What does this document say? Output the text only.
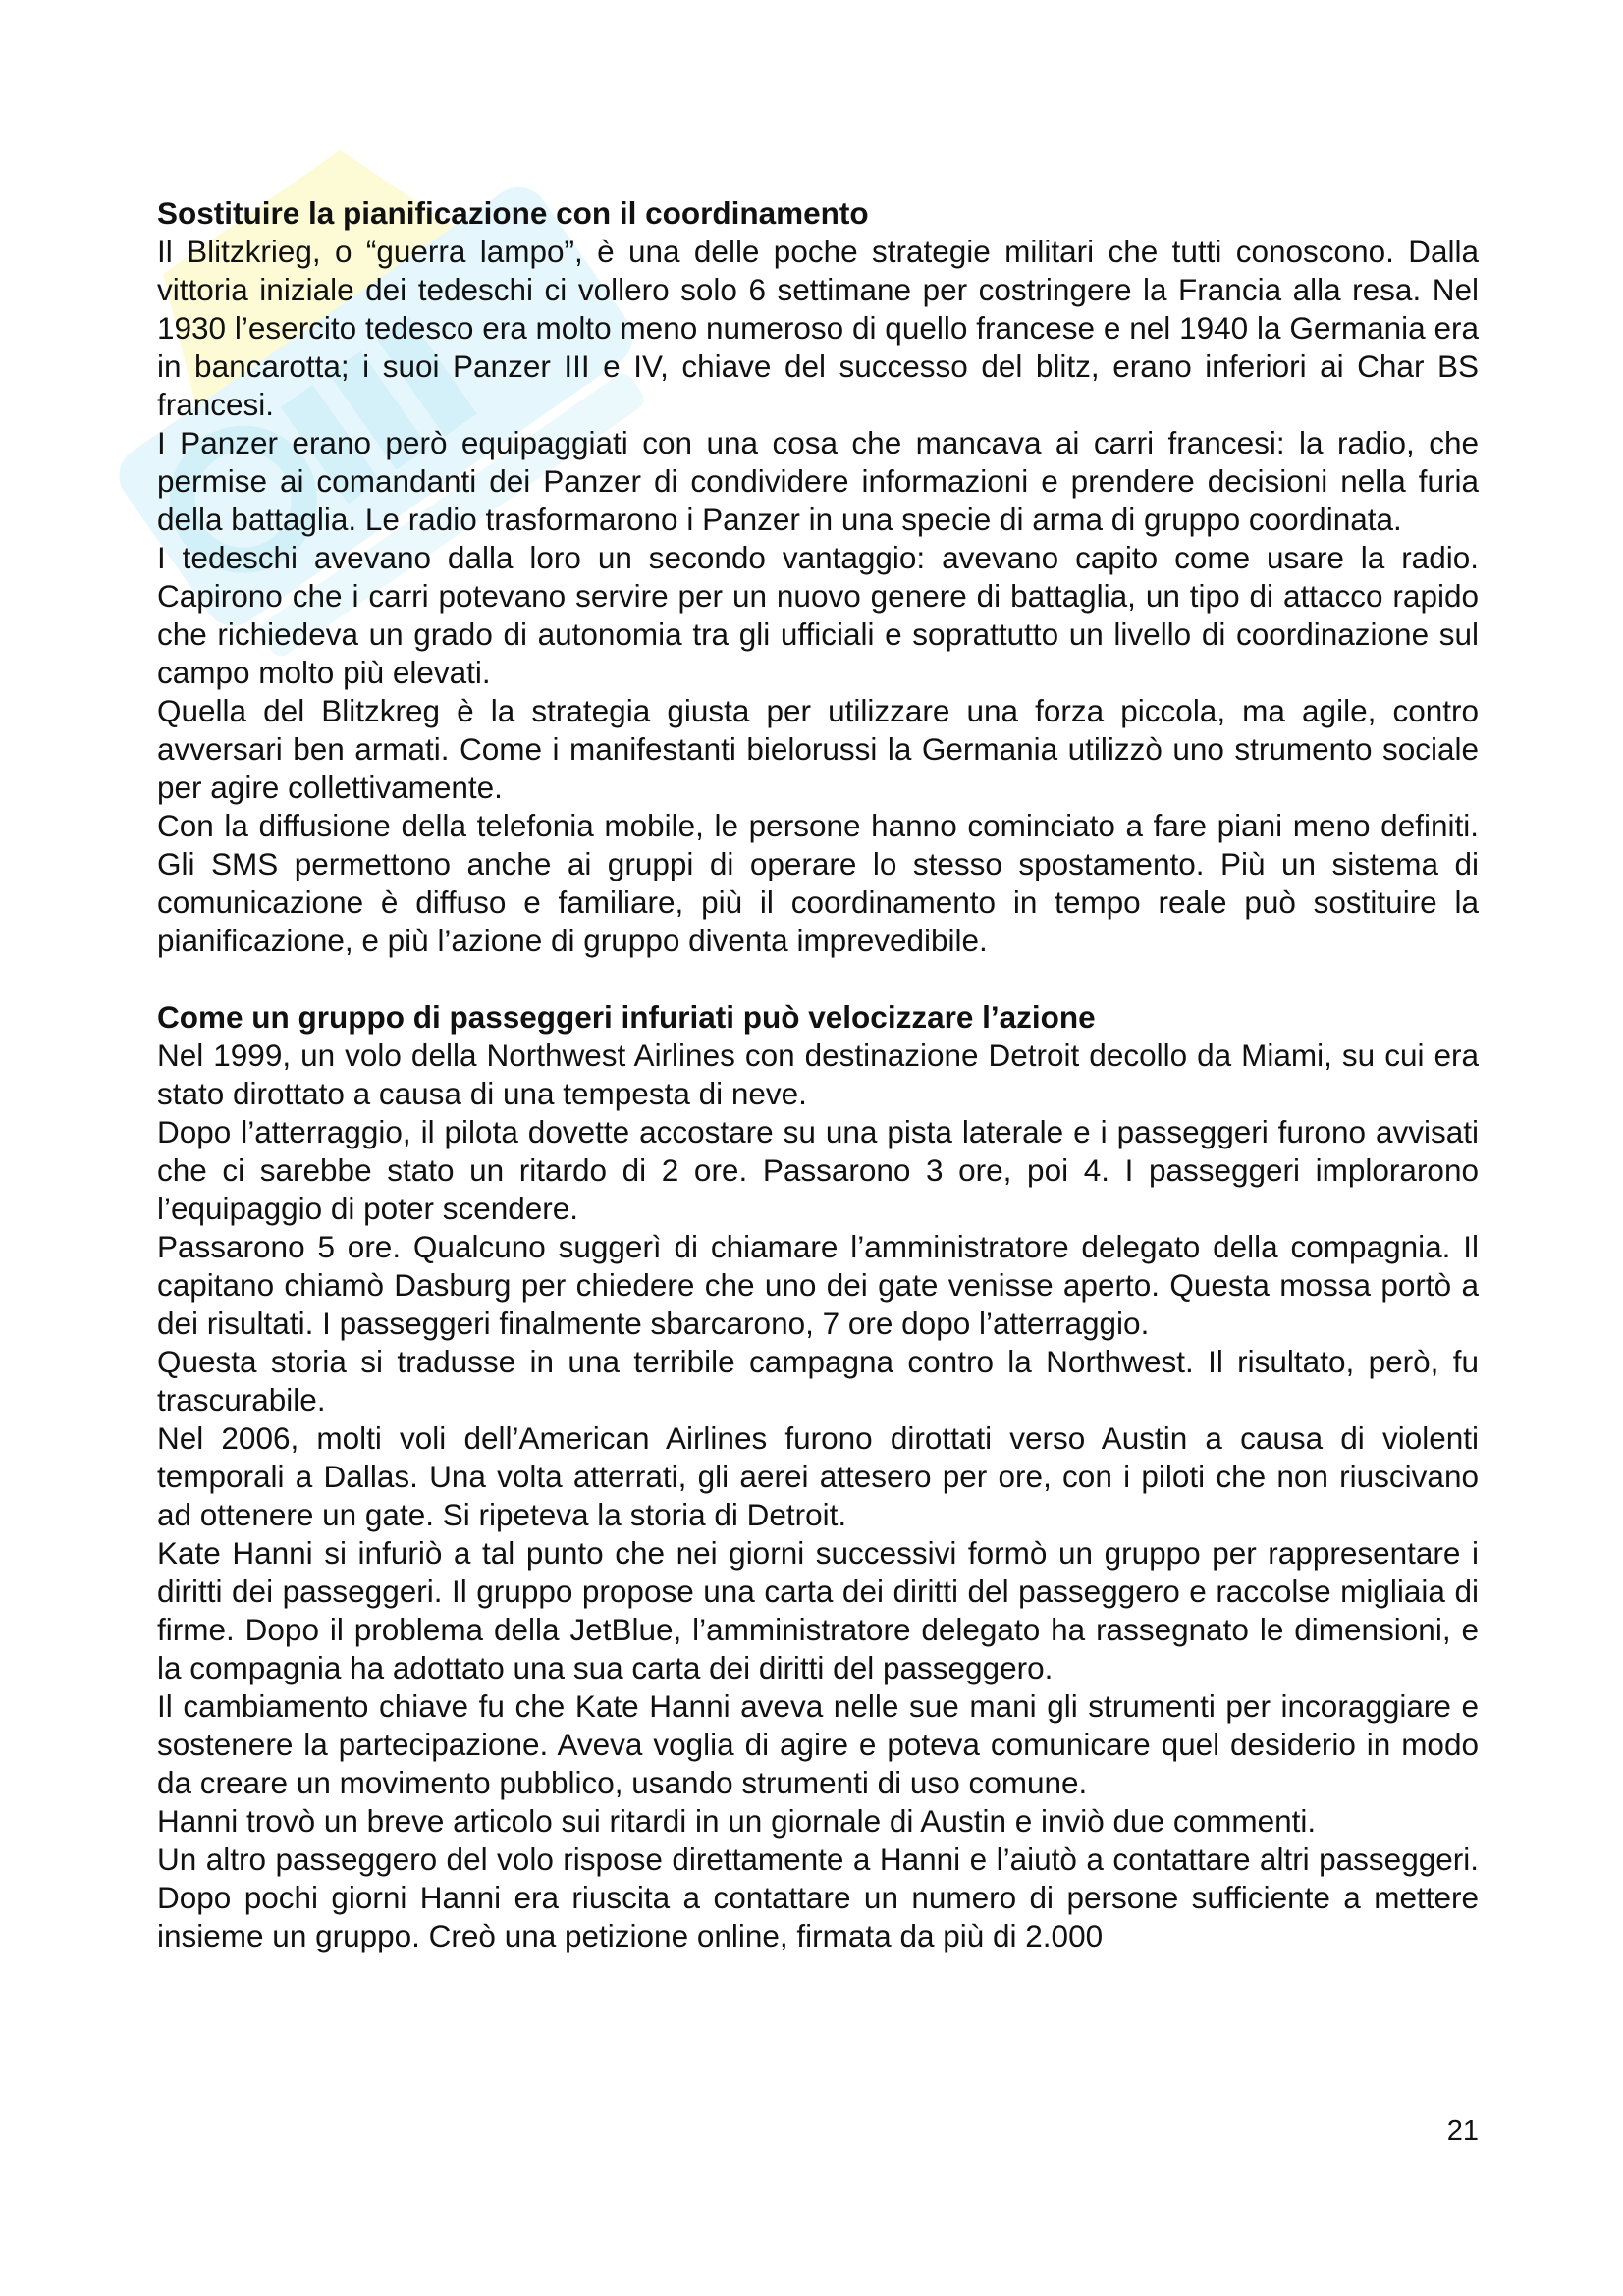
Sostituire la pianificazione con il coordinamento

Il Blitzkrieg, o “guerra lampo”, è una delle poche strategie militari che tutti conoscono. Dalla vittoria iniziale dei tedeschi ci vollero solo 6 settimane per costringere la Francia alla resa. Nel 1930 l’esercito tedesco era molto meno numeroso di quello francese e nel 1940 la Germania era in bancarotta; i suoi Panzer III e IV, chiave del successo del blitz, erano inferiori ai Char BS francesi.

I Panzer erano però equipaggiati con una cosa che mancava ai carri francesi: la radio, che permise ai comandanti dei Panzer di condividere informazioni e prendere decisioni nella furia della battaglia. Le radio trasformarono i Panzer in una specie di arma di gruppo coordinata.

I tedeschi avevano dalla loro un secondo vantaggio: avevano capito come usare la radio. Capirono che i carri potevano servire per un nuovo genere di battaglia, un tipo di attacco rapido che richiedeva un grado di autonomia tra gli ufficiali e soprattutto un livello di coordinazione sul campo molto più elevati.

Quella del Blitzkreg è la strategia giusta per utilizzare una forza piccola, ma agile, contro avversari ben armati. Come i manifestanti bielorussi la Germania utilizzò uno strumento sociale per agire collettivamente.

Con la diffusione della telefonia mobile, le persone hanno cominciato a fare piani meno definiti. Gli SMS permettono anche ai gruppi di operare lo stesso spostamento. Più un sistema di comunicazione è diffuso e familiare, più il coordinamento in tempo reale può sostituire la pianificazione, e più l’azione di gruppo diventa imprevedibile.

Come un gruppo di passeggeri infuriati può velocizzare l’azione

Nel 1999, un volo della Northwest Airlines con destinazione Detroit decollo da Miami, su cui era stato dirottato a causa di una tempesta di neve.

Dopo l’atterraggio, il pilota dovette accostare su una pista laterale e i passeggeri furono avvisati che ci sarebbe stato un ritardo di 2 ore. Passarono 3 ore, poi 4. I passeggeri implorarono l’equipaggio di poter scendere.

Passarono 5 ore. Qualcuno suggerì di chiamare l’amministratore delegato della compagnia. Il capitano chiamò Dasburg per chiedere che uno dei gate venisse aperto. Questa mossa portò a dei risultati. I passeggeri finalmente sbarcarono, 7 ore dopo l’atterraggio.

Questa storia si tradusse in una terribile campagna contro la Northwest. Il risultato, però, fu trascurabile.

Nel 2006, molti voli dell’American Airlines furono dirottati verso Austin a causa di violenti temporali a Dallas. Una volta atterrati, gli aerei attesero per ore, con i piloti che non riuscivano ad ottenere un gate. Si ripeteva la storia di Detroit.

Kate Hanni si infuriò a tal punto che nei giorni successivi formò un gruppo per rappresentare i diritti dei passeggeri. Il gruppo propose una carta dei diritti del passeggero e raccolse migliaia di firme. Dopo il problema della JetBlue, l’amministratore delegato ha rassegnato le dimensioni, e la compagnia ha adottato una sua carta dei diritti del passeggero.

Il cambiamento chiave fu che Kate Hanni aveva nelle sue mani gli strumenti per incoraggiare e sostenere la partecipazione. Aveva voglia di agire e poteva comunicare quel desiderio in modo da creare un movimento pubblico, usando strumenti di uso comune.

Hanni trovò un breve articolo sui ritardi in un giornale di Austin e inviò due commenti.

Un altro passeggero del volo rispose direttamente a Hanni e l’aiutò a contattare altri passeggeri. Dopo pochi giorni Hanni era riuscita a contattare un numero di persone sufficiente a mettere insieme un gruppo. Creò una petizione online, firmata da più di 2.000

21
